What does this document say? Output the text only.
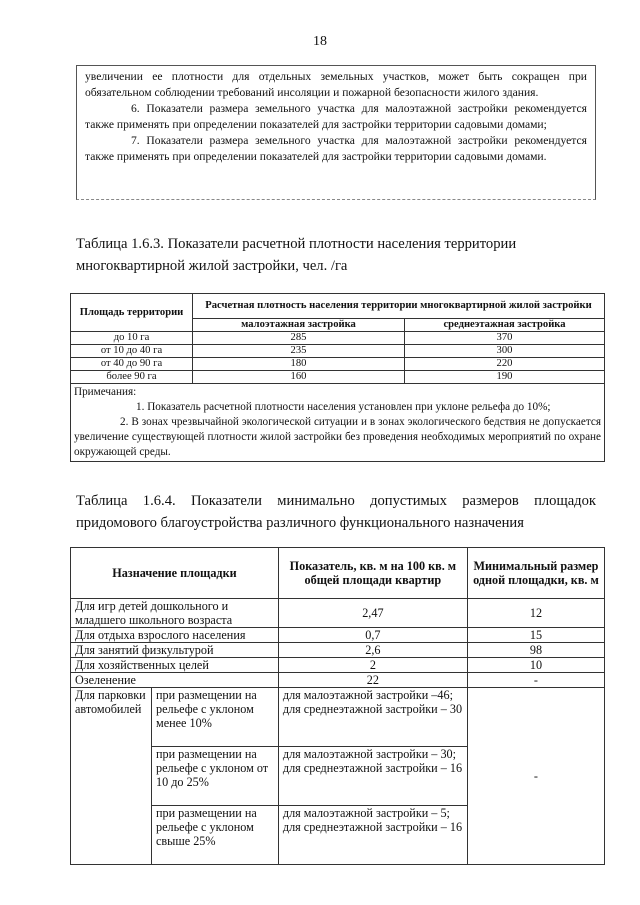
18

увеличении ее плотности для отдельных земельных участков, может быть сокращен при

обязательном соблюдении требований инсоляции и пожарной безопасности жилого здания.

6. Показатели размера земельного участка для малоэтажной застройки рекомендуется также применять при определении показателей для застройки территории садовыми домами;

7. Показатели размера земельного участка для малоэтажной застройки рекомендуется также применять при определении показателей для застройки территории садовыми домами.

Таблица 1.6.3. Показатели расчетной плотности населения территории
многоквартирной жилой застройки, чел. /га
Площадь территории	Расчетная плотность населения территории многоквартирной жилой застройки	
	малоэтажная застройка	среднеэтажная застройка
до 10 га	285	370
от 10 до 40 га	235	300
от 40 до 90 га	180	220
более 90 га	160	190

Примечания:

1. Показатель расчетной плотности населения установлен при уклоне рельефа до 10%;

2. В зонах чрезвычайной экологической ситуации и в зонах экологического бедствия не допускается увеличение существующей плотности жилой застройки без проведения необходимых мероприятий по охране окружающей среды.		

Таблица 1.6.4. Показатели минимально допустимых размеров площадок придомового благоустройства различного функционального назначения
Назначение площадки		Показатель, кв. м на 100 кв. м общей площади квартир	Минимальный размер одной площадки, кв. м
Для игр детей дошкольного и младшего школьного возраста		2,47	12
Для отдыха взрослого населения		0,7	15
Для занятий физкультурой		2,6	98
Для хозяйственных целей		2	10
Озеленение		22	-
Для парковки автомобилей	при размещении на рельефе с уклоном менее 10%	для малоэтажной застройки –46; для среднеэтажной застройки – 30	-
	при размещении на рельефе с уклоном от 10 до 25%	для малоэтажной застройки – 30; для среднеэтажной застройки – 16	
	при размещении на рельефе с уклоном свыше 25%	для малоэтажной застройки – 5; для среднеэтажной застройки – 16	
